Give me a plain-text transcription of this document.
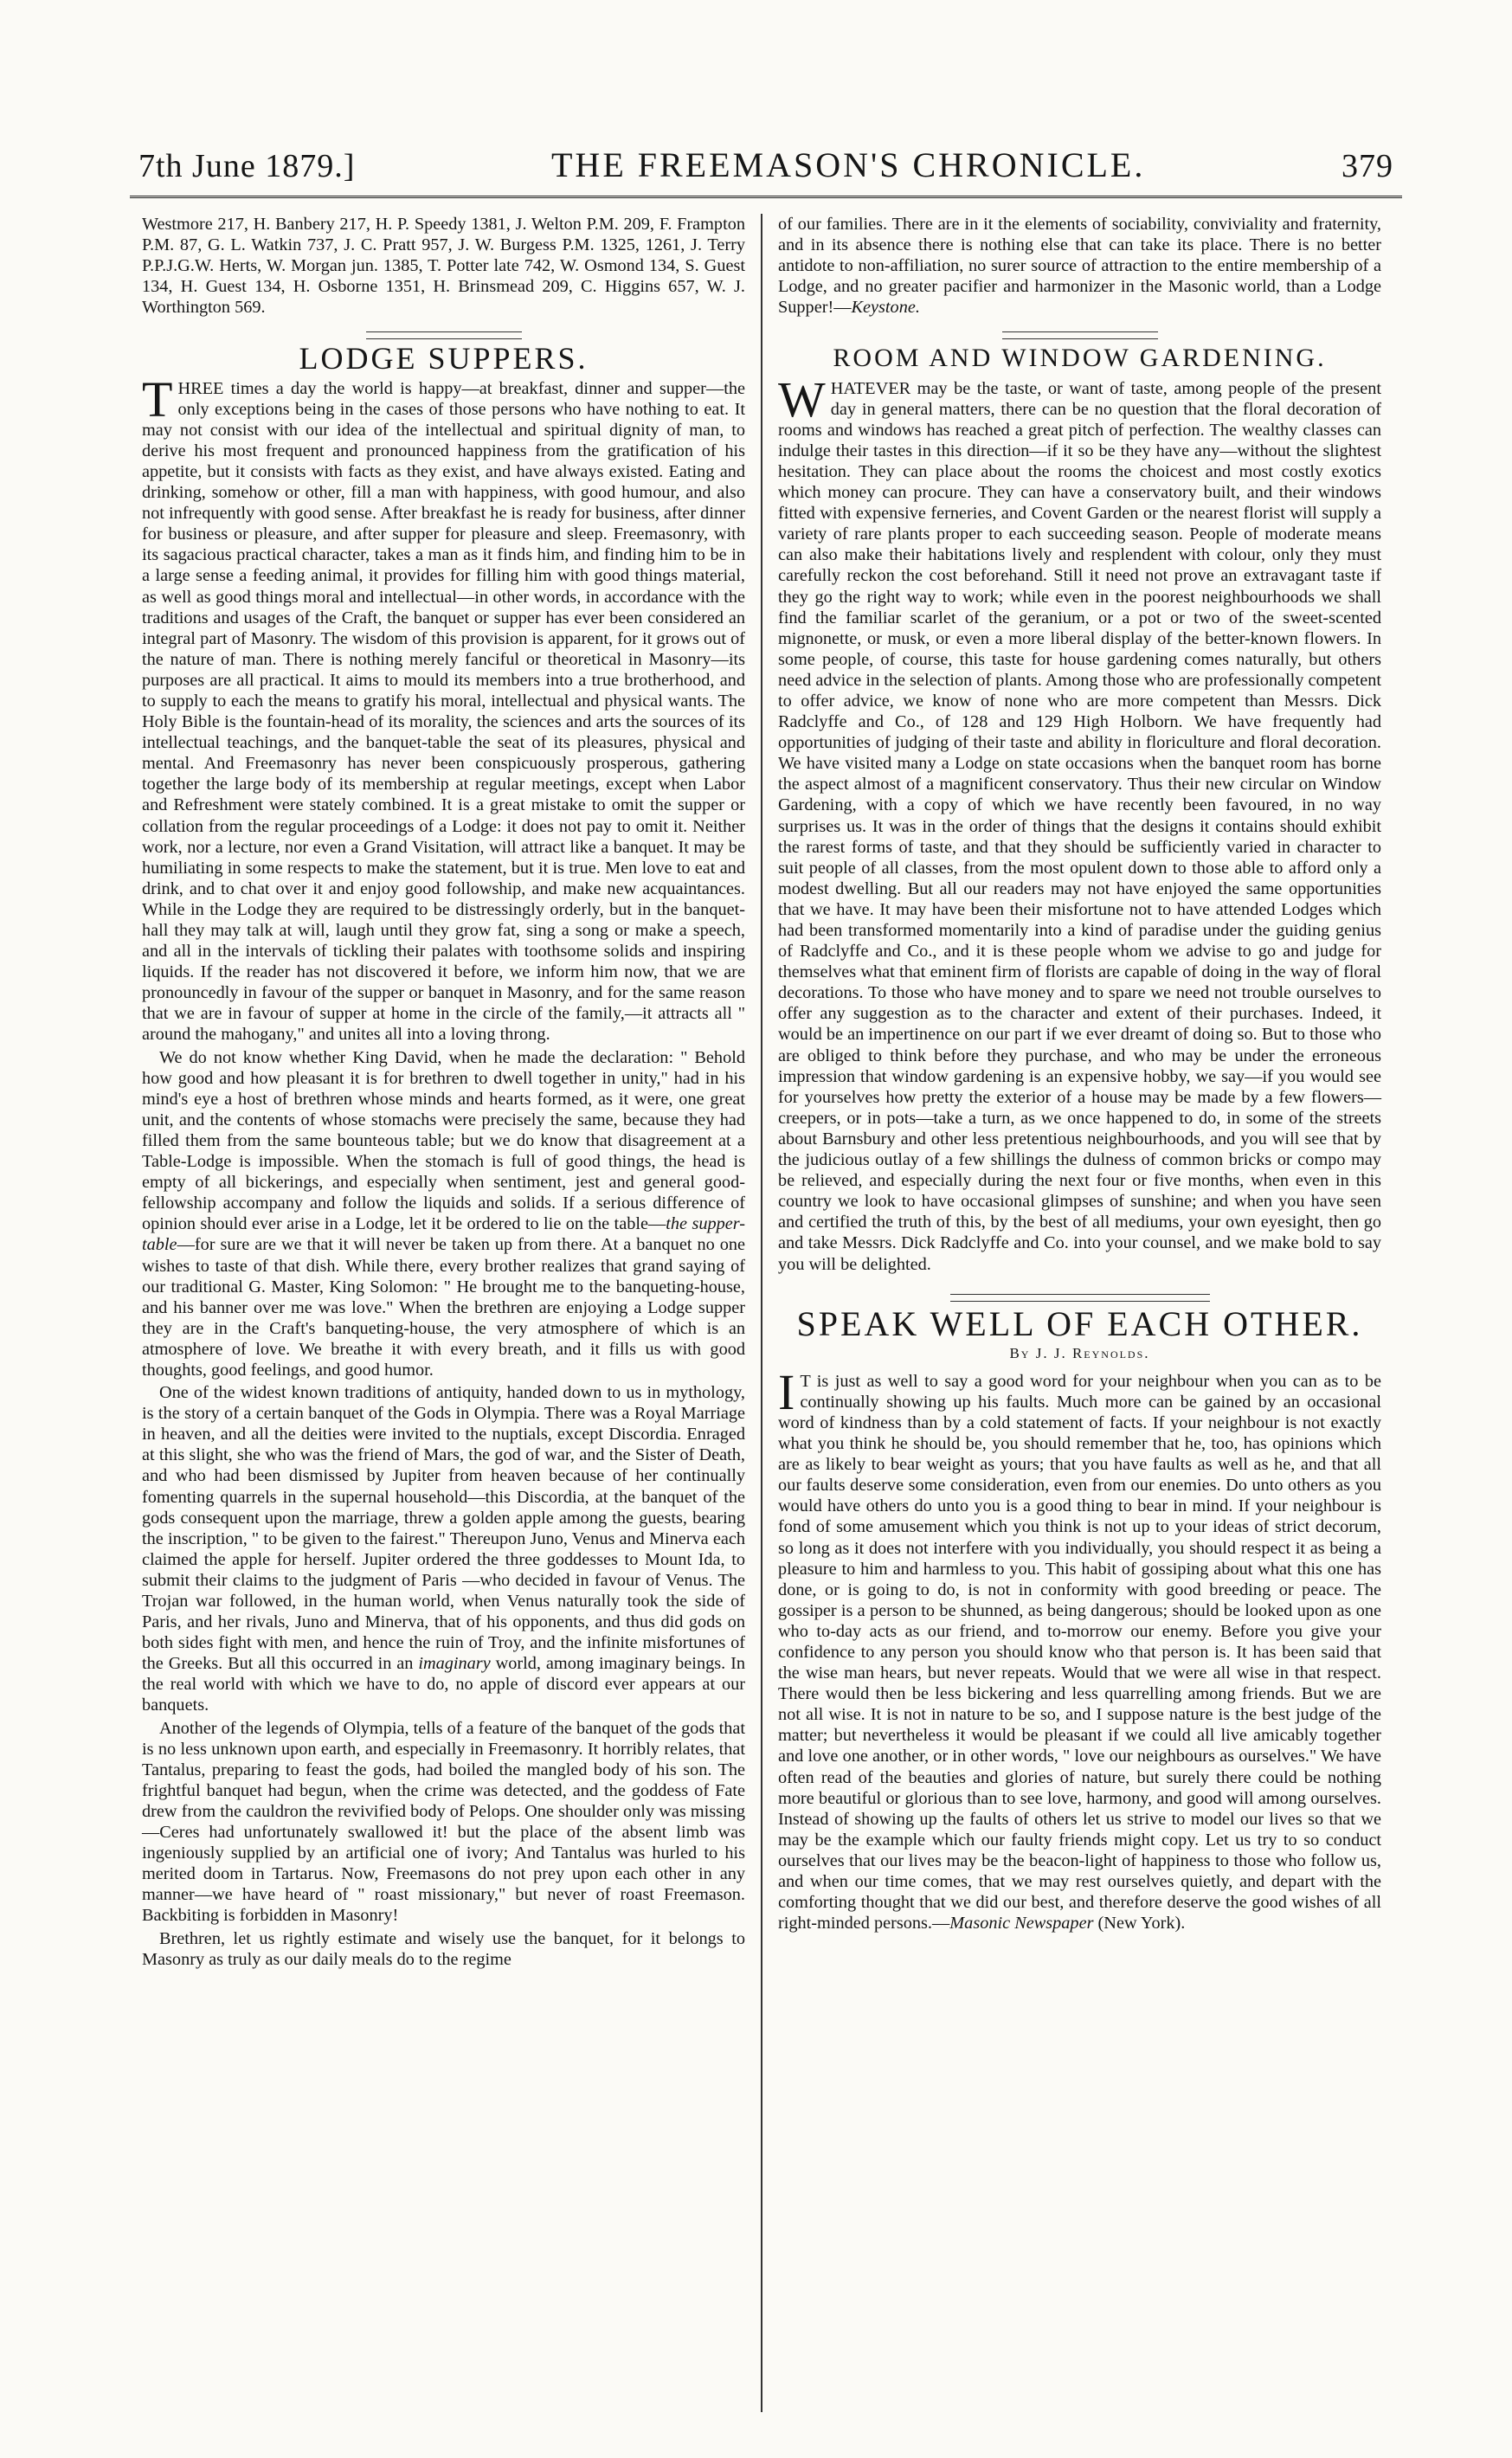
7th June 1879.]	THE FREEMASON'S CHRONICLE.	379

Westmore 217, H. Banbery 217, H. P. Speedy 1381, J. Welton P.M. 209, F. Frampton P.M. 87, G. L. Watkin 737, J. C. Pratt 957, J. W. Burgess P.M. 1325, 1261, J. Terry P.P.J.G.W. Herts, W. Morgan jun. 1385, T. Potter late 742, W. Osmond 134, S. Guest 134, H. Guest 134, H. Osborne 1351, H. Brinsmead 209, C. Higgins 657, W. J. Worthington 569.

LODGE SUPPERS.

THREE times a day the world is happy—at breakfast, dinner and supper—the only exceptions being in the cases of those persons who have nothing to eat. It may not consist with our idea of the intellectual and spiritual dignity of man, to derive his most frequent and pronounced happiness from the gratification of his appetite, but it consists with facts as they exist, and have always existed. Eating and drinking, somehow or other, fill a man with happiness, with good humour, and also not infrequently with good sense. After breakfast he is ready for business, after dinner for business or pleasure, and after supper for pleasure and sleep. Freemasonry, with its sagacious practical character, takes a man as it finds him, and finding him to be in a large sense a feeding animal, it provides for filling him with good things material, as well as good things moral and intellectual—in other words, in accordance with the traditions and usages of the Craft, the banquet or supper has ever been considered an integral part of Masonry. The wisdom of this provision is apparent, for it grows out of the nature of man. There is nothing merely fanciful or theoretical in Masonry—its purposes are all practical. It aims to mould its members into a true brotherhood, and to supply to each the means to gratify his moral, intellectual and physical wants. The Holy Bible is the fountain-head of its morality, the sciences and arts the sources of its intellectual teachings, and the banquet-table the seat of its pleasures, physical and mental. And Freemasonry has never been conspicuously prosperous, gathering together the large body of its membership at regular meetings, except when Labor and Refreshment were stately combined. It is a great mistake to omit the supper or collation from the regular proceedings of a Lodge: it does not pay to omit it. Neither work, nor a lecture, nor even a Grand Visitation, will attract like a banquet. It may be humiliating in some respects to make the statement, but it is true. Men love to eat and drink, and to chat over it and enjoy good followship, and make new acquaintances. While in the Lodge they are required to be distressingly orderly, but in the banquet-hall they may talk at will, laugh until they grow fat, sing a song or make a speech, and all in the intervals of tickling their palates with toothsome solids and inspiring liquids. If the reader has not discovered it before, we inform him now, that we are pronouncedly in favour of the supper or banquet in Masonry, and for the same reason that we are in favour of supper at home in the circle of the family,—it attracts all " around the mahogany," and unites all into a loving throng.

We do not know whether King David, when he made the declaration: " Behold how good and how pleasant it is for brethren to dwell together in unity," had in his mind's eye a host of brethren whose minds and hearts formed, as it were, one great unit, and the contents of whose stomachs were precisely the same, because they had filled them from the same bounteous table; but we do know that disagreement at a Table-Lodge is impossible. When the stomach is full of good things, the head is empty of all bickerings, and especially when sentiment, jest and general good-fellowship accompany and follow the liquids and solids. If a serious difference of opinion should ever arise in a Lodge, let it be ordered to lie on the table—the supper-table—for sure are we that it will never be taken up from there. At a banquet no one wishes to taste of that dish. While there, every brother realizes that grand saying of our traditional G. Master, King Solomon: " He brought me to the banqueting-house, and his banner over me was love." When the brethren are enjoying a Lodge supper they are in the Craft's banqueting-house, the very atmosphere of which is an atmosphere of love. We breathe it with every breath, and it fills us with good thoughts, good feelings, and good humor.

One of the widest known traditions of antiquity, handed down to us in mythology, is the story of a certain banquet of the Gods in Olympia. There was a Royal Marriage in heaven, and all the deities were invited to the nuptials, except Discordia. Enraged at this slight, she who was the friend of Mars, the god of war, and the Sister of Death, and who had been dismissed by Jupiter from heaven because of her continually fomenting quarrels in the supernal household—this Discordia, at the banquet of the gods consequent upon the marriage, threw a golden apple among the guests, bearing the inscription, " to be given to the fairest." Thereupon Juno, Venus and Minerva each claimed the apple for herself. Jupiter ordered the three goddesses to Mount Ida, to submit their claims to the judgment of Paris —who decided in favour of Venus. The Trojan war followed, in the human world, when Venus naturally took the side of Paris, and her rivals, Juno and Minerva, that of his opponents, and thus did gods on both sides fight with men, and hence the ruin of Troy, and the infinite misfortunes of the Greeks. But all this occurred in an imaginary world, among imaginary beings. In the real world with which we have to do, no apple of discord ever appears at our banquets.

Another of the legends of Olympia, tells of a feature of the banquet of the gods that is no less unknown upon earth, and especially in Freemasonry. It horribly relates, that Tantalus, preparing to feast the gods, had boiled the mangled body of his son. The frightful banquet had begun, when the crime was detected, and the goddess of Fate drew from the cauldron the revivified body of Pelops. One shoulder only was missing—Ceres had unfortunately swallowed it! but the place of the absent limb was ingeniously supplied by an artificial one of ivory; And Tantalus was hurled to his merited doom in Tartarus. Now, Freemasons do not prey upon each other in any manner—we have heard of " roast missionary," but never of roast Freemason. Backbiting is forbidden in Masonry!

Brethren, let us rightly estimate and wisely use the banquet, for it belongs to Masonry as truly as our daily meals do to the regime

of our families. There are in it the elements of sociability, conviviality and fraternity, and in its absence there is nothing else that can take its place. There is no better antidote to non-affiliation, no surer source of attraction to the entire membership of a Lodge, and no greater pacifier and harmonizer in the Masonic world, than a Lodge Supper!—Keystone.

ROOM AND WINDOW GARDENING.

WHATEVER may be the taste, or want of taste, among people of the present day in general matters, there can be no question that the floral decoration of rooms and windows has reached a great pitch of perfection. The wealthy classes can indulge their tastes in this direction—if it so be they have any—without the slightest hesitation. They can place about the rooms the choicest and most costly exotics which money can procure. They can have a conservatory built, and their windows fitted with expensive ferneries, and Covent Garden or the nearest florist will supply a variety of rare plants proper to each succeeding season. People of moderate means can also make their habitations lively and resplendent with colour, only they must carefully reckon the cost beforehand. Still it need not prove an extravagant taste if they go the right way to work; while even in the poorest neighbourhoods we shall find the familiar scarlet of the geranium, or a pot or two of the sweet-scented mignonette, or musk, or even a more liberal display of the better-known flowers. In some people, of course, this taste for house gardening comes naturally, but others need advice in the selection of plants. Among those who are professionally competent to offer advice, we know of none who are more competent than Messrs. Dick Radclyffe and Co., of 128 and 129 High Holborn. We have frequently had opportunities of judging of their taste and ability in floriculture and floral decoration. We have visited many a Lodge on state occasions when the banquet room has borne the aspect almost of a magnificent conservatory. Thus their new circular on Window Gardening, with a copy of which we have recently been favoured, in no way surprises us. It was in the order of things that the designs it contains should exhibit the rarest forms of taste, and that they should be sufficiently varied in character to suit people of all classes, from the most opulent down to those able to afford only a modest dwelling. But all our readers may not have enjoyed the same opportunities that we have. It may have been their misfortune not to have attended Lodges which had been transformed momentarily into a kind of paradise under the guiding genius of Radclyffe and Co., and it is these people whom we advise to go and judge for themselves what that eminent firm of florists are capable of doing in the way of floral decorations. To those who have money and to spare we need not trouble ourselves to offer any suggestion as to the character and extent of their purchases. Indeed, it would be an impertinence on our part if we ever dreamt of doing so. But to those who are obliged to think before they purchase, and who may be under the erroneous impression that window gardening is an expensive hobby, we say—if you would see for yourselves how pretty the exterior of a house may be made by a few flowers—creepers, or in pots—take a turn, as we once happened to do, in some of the streets about Barnsbury and other less pretentious neighbourhoods, and you will see that by the judicious outlay of a few shillings the dulness of common bricks or compo may be relieved, and especially during the next four or five months, when even in this country we look to have occasional glimpses of sunshine; and when you have seen and certified the truth of this, by the best of all mediums, your own eyesight, then go and take Messrs. Dick Radclyffe and Co. into your counsel, and we make bold to say you will be delighted.

SPEAK WELL OF EACH OTHER.
By J. J. Reynolds.

I T is just as well to say a good word for your neighbour when you can as to be continually showing up his faults. Much more can be gained by an occasional word of kindness than by a cold statement of facts. If your neighbour is not exactly what you think he should be, you should remember that he, too, has opinions which are as likely to bear weight as yours; that you have faults as well as he, and that all our faults deserve some consideration, even from our enemies. Do unto others as you would have others do unto you is a good thing to bear in mind. If your neighbour is fond of some amusement which you think is not up to your ideas of strict decorum, so long as it does not interfere with you individually, you should respect it as being a pleasure to him and harmless to you. This habit of gossiping about what this one has done, or is going to do, is not in conformity with good breeding or peace. The gossiper is a person to be shunned, as being dangerous; should be looked upon as one who to-day acts as our friend, and to-morrow our enemy. Before you give your confidence to any person you should know who that person is. It has been said that the wise man hears, but never repeats. Would that we were all wise in that respect. There would then be less bickering and less quarrelling among friends. But we are not all wise. It is not in nature to be so, and I suppose nature is the best judge of the matter; but nevertheless it would be pleasant if we could all live amicably together and love one another, or in other words, " love our neighbours as ourselves." We have often read of the beauties and glories of nature, but surely there could be nothing more beautiful or glorious than to see love, harmony, and good will among ourselves. Instead of showing up the faults of others let us strive to model our lives so that we may be the example which our faulty friends might copy. Let us try to so conduct ourselves that our lives may be the beacon-light of happiness to those who follow us, and when our time comes, that we may rest ourselves quietly, and depart with the comforting thought that we did our best, and therefore deserve the good wishes of all right-minded persons.—Masonic Newspaper (New York).
